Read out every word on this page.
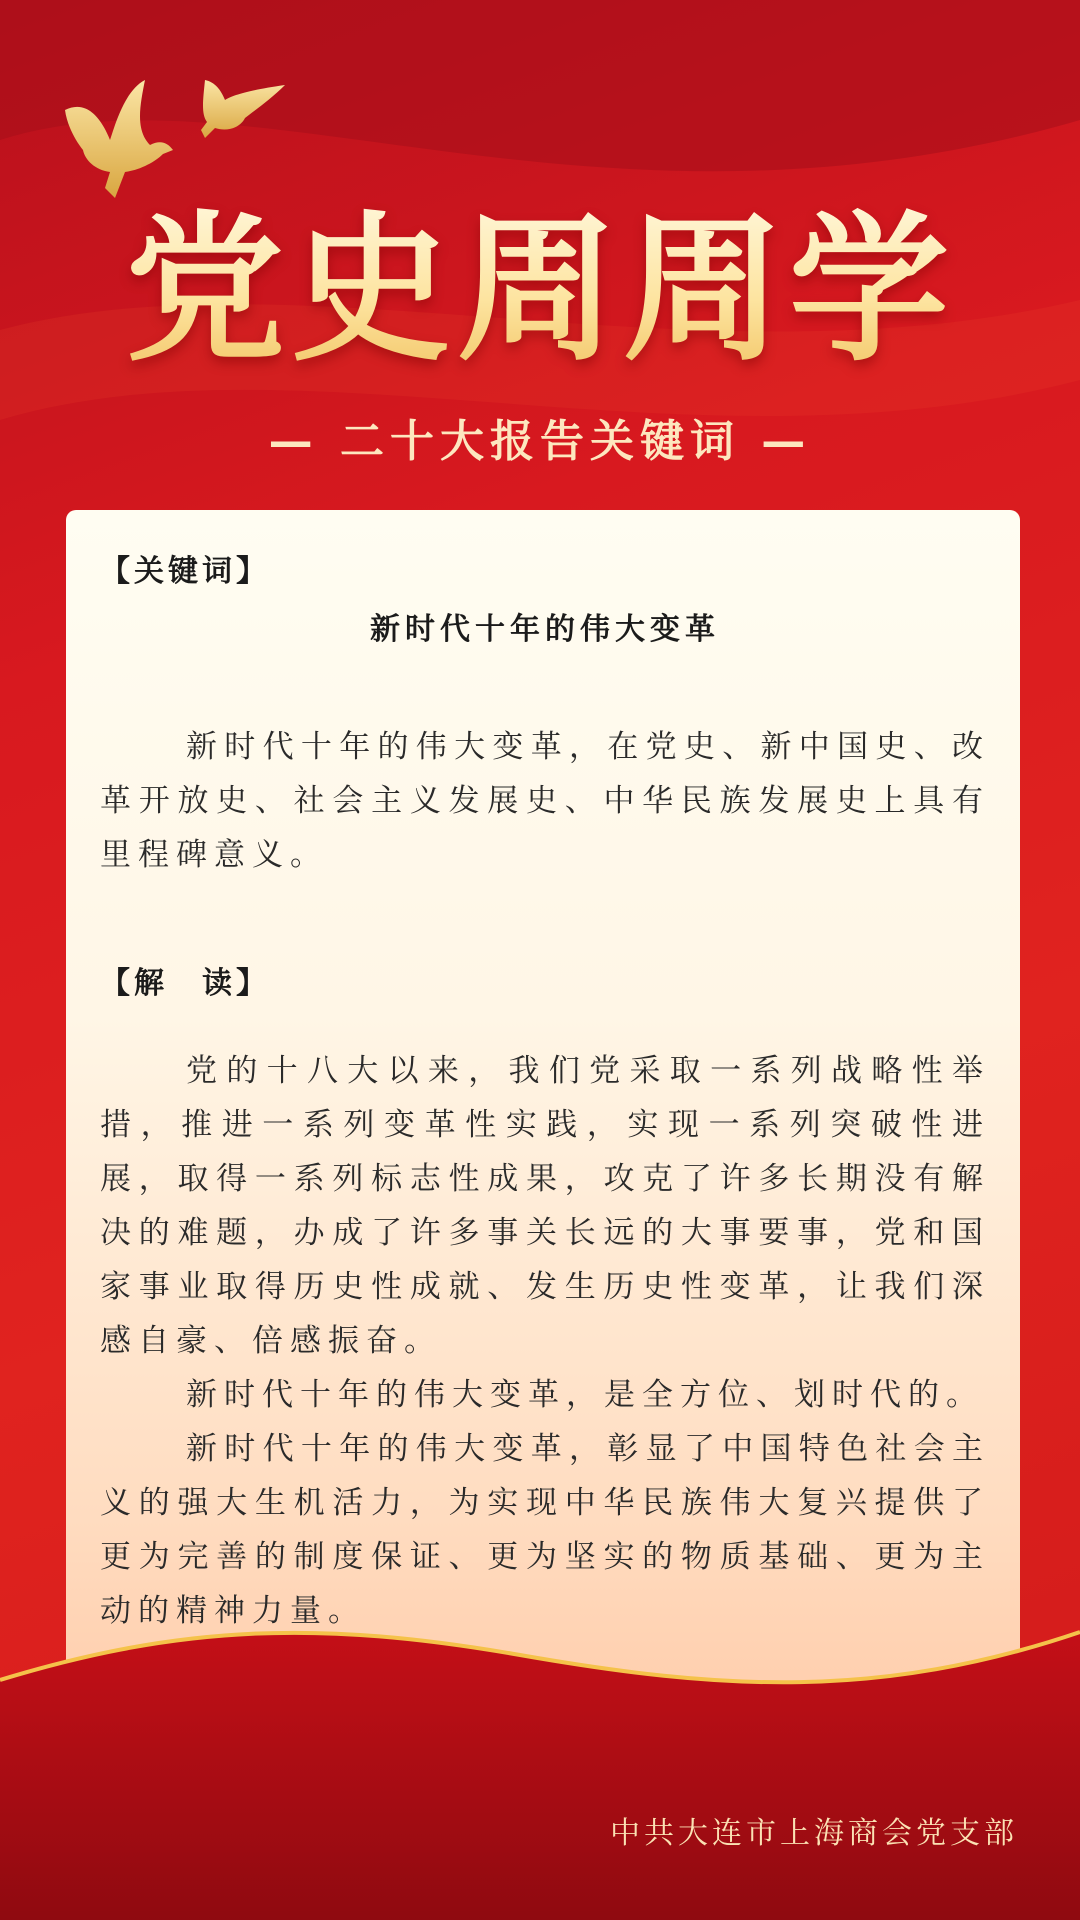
党史周周学
— 二十大报告关键词 —
【关键词】
新时代十年的伟大变革

新时代十年的伟大变革，在党史、新中国史、改革开放史、社会主义发展史、中华民族发展史上具有里程碑意义。

【解　读】

党的十八大以来，我们党采取一系列战略性举措，推进一系列变革性实践，实现一系列突破性进展，取得一系列标志性成果，攻克了许多长期没有解决的难题，办成了许多事关长远的大事要事，党和国家事业取得历史性成就、发生历史性变革，让我们深感自豪、倍感振奋。

新时代十年的伟大变革，是全方位、划时代的。

新时代十年的伟大变革，彰显了中国特色社会主义的强大生机活力，为实现中华民族伟大复兴提供了更为完善的制度保证、更为坚实的物质基础、更为主动的精神力量。

中共大连市上海商会党支部
